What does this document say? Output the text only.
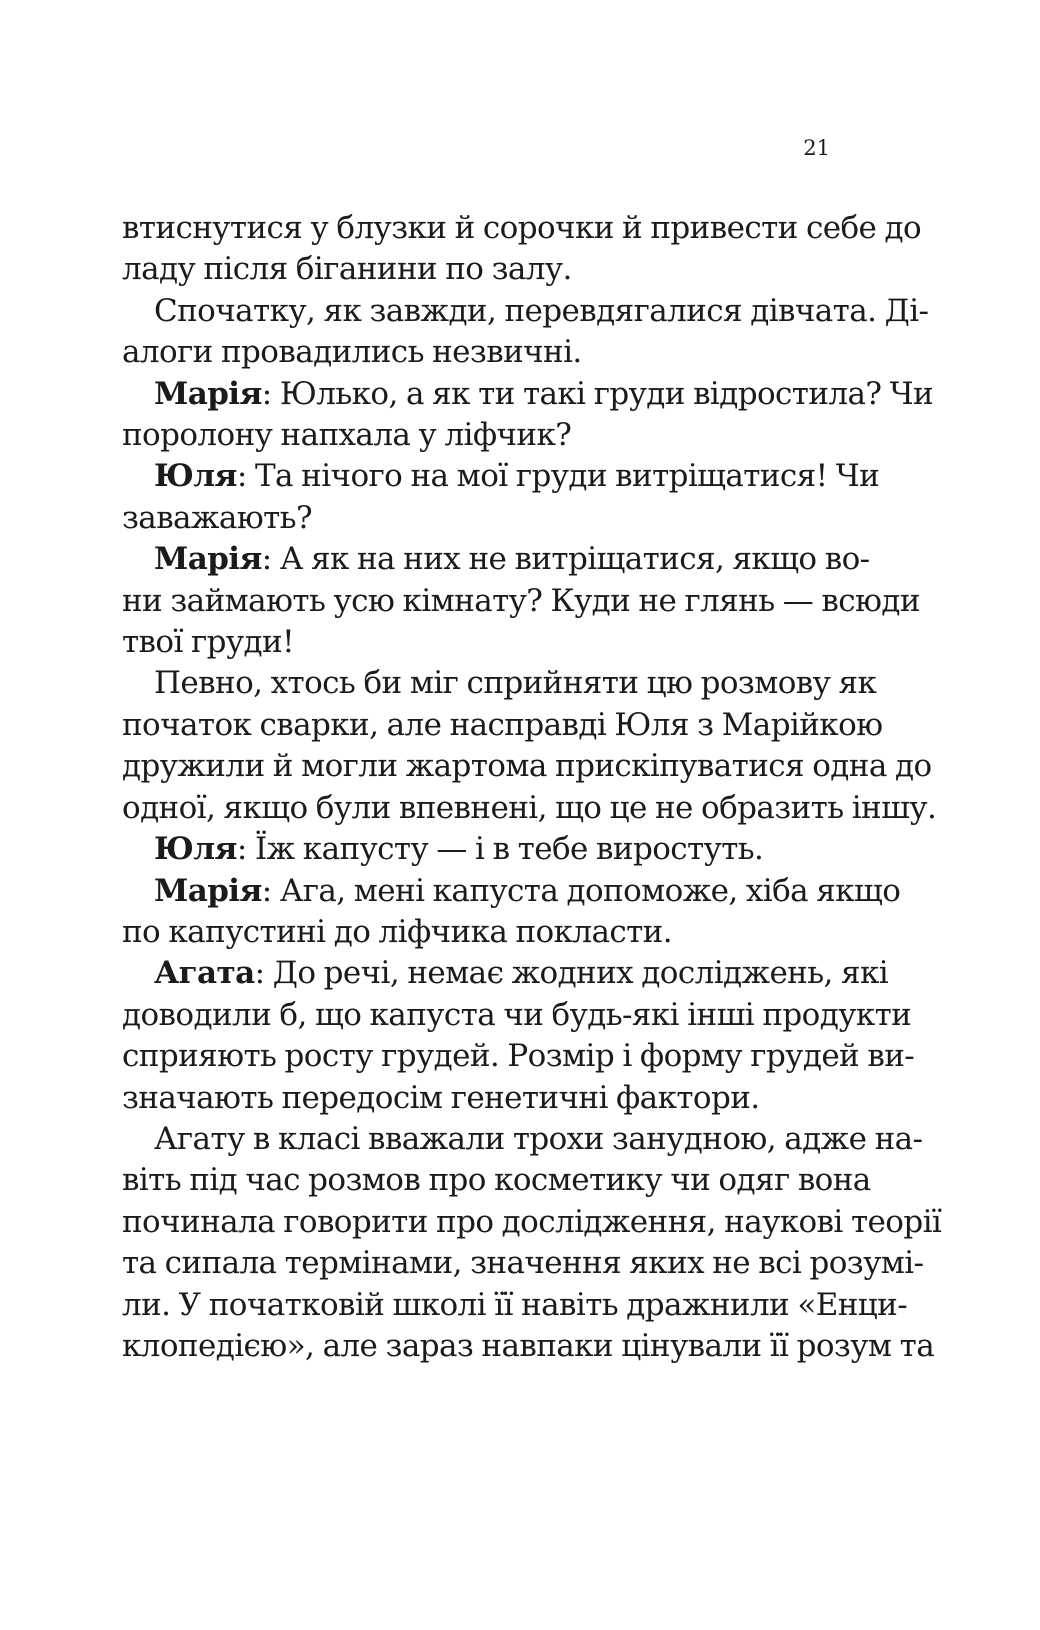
21
втиснутися у блузки й сорочки й привести себе до
ладу після біганини по залу.
Спочатку, як завжди, перевдягалися дівчата. Ді-
алоги провадились незвичні.
Марія: Юлько, а як ти такі груди відростила? Чи
поролону напхала у ліфчик?
Юля: Та нічого на мої груди витріщатися! Чи
заважають?
Марія: А як на них не витріщатися, якщо во-
ни займають усю кімнату? Куди не глянь — всюди
твої груди!
Певно, хтось би міг сприйняти цю розмову як
початок сварки, але насправді Юля з Марійкою
дружили й могли жартома прискіпуватися одна до
одної, якщо були впевнені, що це не образить іншу.
Юля: Їж капусту — і в тебе виростуть.
Марія: Ага, мені капуста допоможе, хіба якщо
по капустині до ліфчика покласти.
Агата: До речі, немає жодних досліджень, які
доводили б, що капуста чи будь-які інші продукти
сприяють росту грудей. Розмір і форму грудей ви-
значають передосім генетичні фактори.
Агату в класі вважали трохи занудною, адже на-
віть під час розмов про косметику чи одяг вона
починала говорити про дослідження, наукові теорії
та сипала термінами, значення яких не всі розумі-
ли. У початковій школі її навіть дражнили «Енци-
клопедією», але зараз навпаки цінували її розум та
